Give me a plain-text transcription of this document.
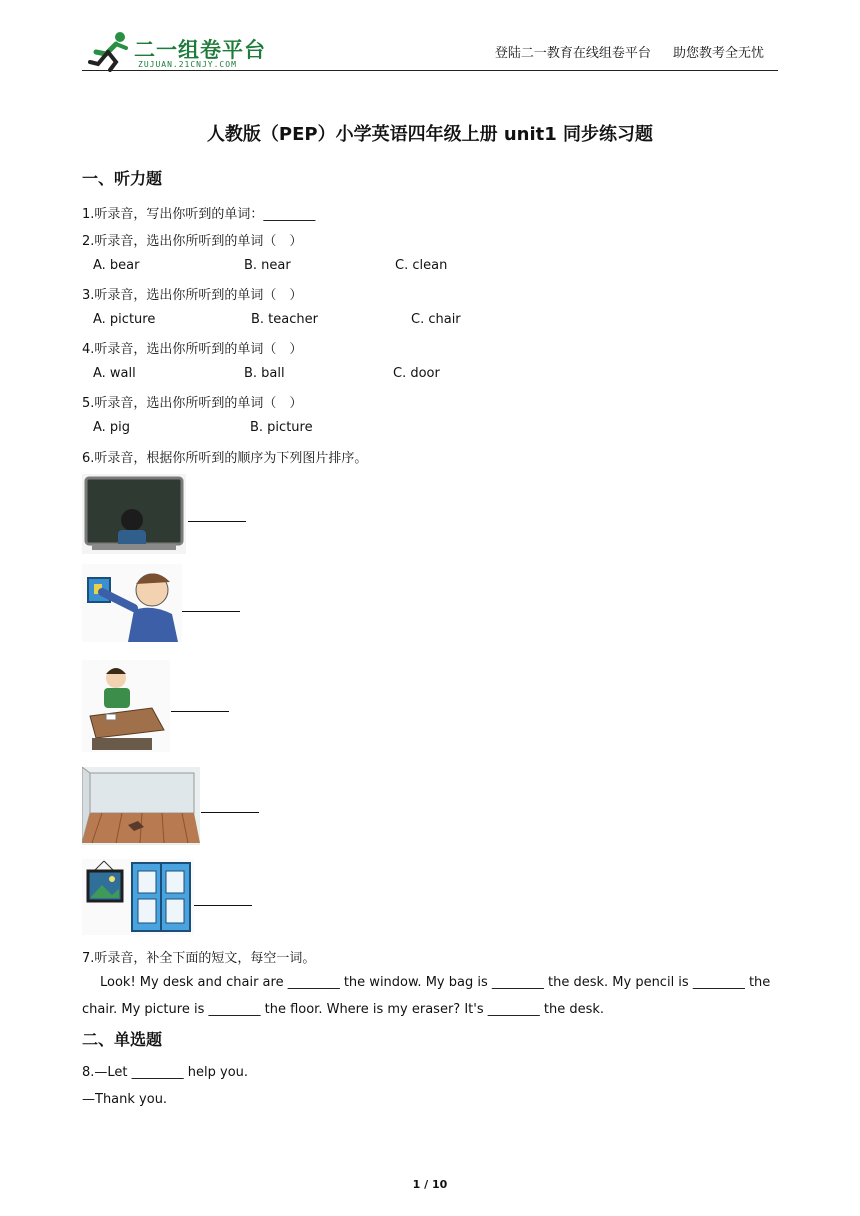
二一组卷平台
ZUJUAN.21CNJY.COM
登陆二一教育在线组卷平台 助您教考全无忧
人教版（PEP）小学英语四年级上册 unit1 同步练习题
一、听力题
1.听录音，写出你听到的单词：________
2.听录音，选出你所听到的单词（　）
A. bear	B. near	C. clean
3.听录音，选出你所听到的单词（　）
A. picture	B. teacher	C. chair
4.听录音，选出你所听到的单词（　）
A. wall	B. ball	C. door
5.听录音，选出你所听到的单词（　）
A. pig	B. picture
6.听录音，根据你所听到的顺序为下列图片排序。
7.听录音，补全下面的短文，每空一词。
Look! My desk and chair are ________ the window. My bag is ________ the desk. My pencil is ________ the
chair. My picture is ________ the floor. Where is my eraser? It's ________ the desk.
二、单选题
8.—Let ________ help you.
—Thank you.
1 / 10
